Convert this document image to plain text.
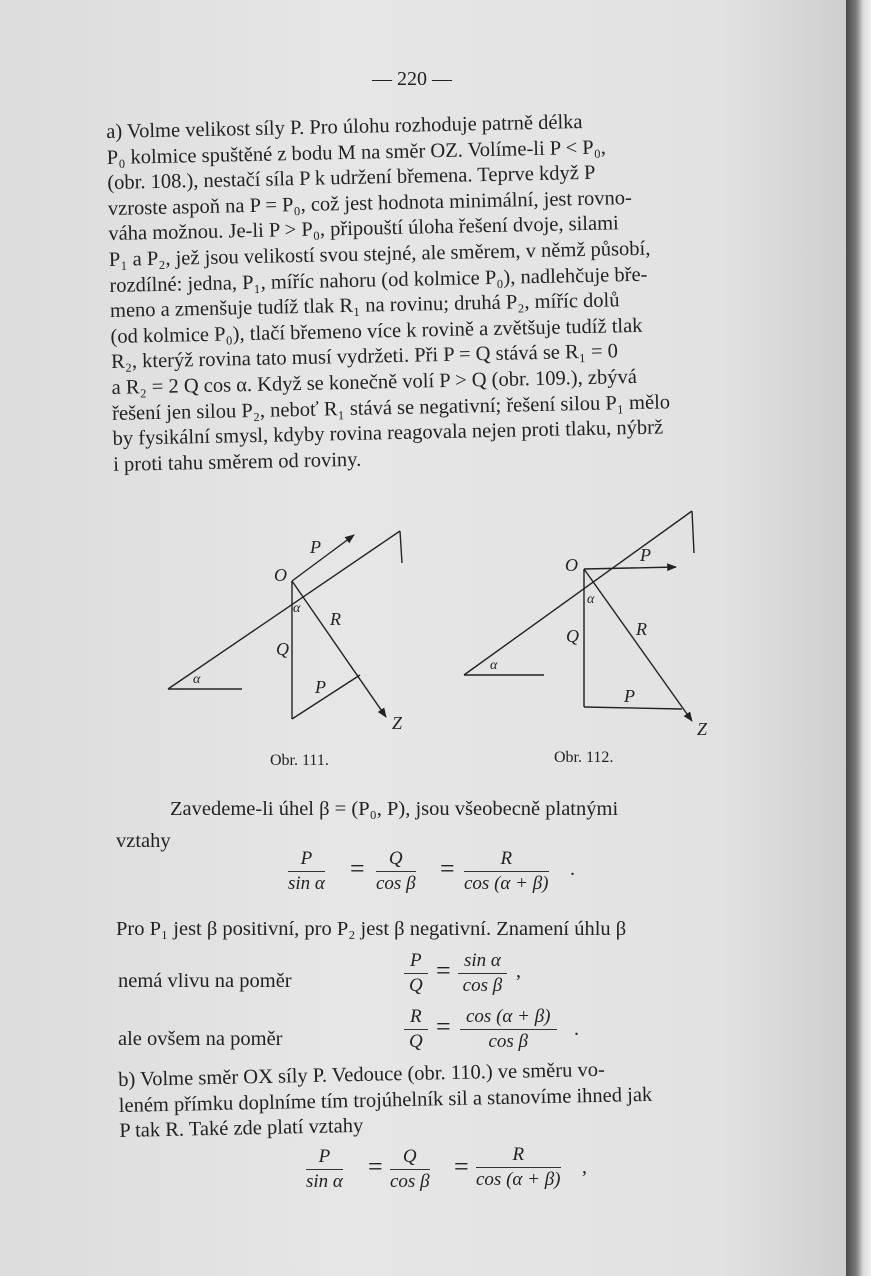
— 220 —

a) Volme velikost síly P. Pro úlohu rozhoduje patrně délka

P₀ kolmice spuštěné z bodu M na směr OZ. Volíme-li P < P₀,

(obr. 108.), nestačí síla P k udržení břemena. Teprve když P

vzroste aspoň na P = P₀, což jest hodnota minimální, jest rovno-

váha možnou. Je-li P > P₀, připouští úloha řešení dvoje, silami

P₁ a P₂, jež jsou velikostí svou stejné, ale směrem, v němž působí,

rozdílné: jedna, P₁, míříc nahoru (od kolmice P₀), nadlehčuje bře-

meno a zmenšuje tudíž tlak R₁ na rovinu; druhá P₂, míříc dolů

(od kolmice P₀), tlačí břemeno více k rovině a zvětšuje tudíž tlak

R₂, kterýž rovina tato musí vydržeti. Při P = Q stává se R₁ = 0

a R₂ = 2 Q cos α. Když se konečně volí P > Q (obr. 109.), zbývá

řešení jen silou P₂, neboť R₁ stává se negativní; řešení silou P₁ mělo

by fysikální smysl, kdyby rovina reagovala nejen proti tlaku, nýbrž

i proti tahu směrem od roviny.

O
P
α
R
Q
P
Z
α
Obr. 111.
O	P
α
R
Q
P
Z
α
Obr. 112.
Zavedeme-li úhel β = (P₀, P), jsou všeobecně platnými
vztahy
$\frac{P}{\text{sin α}} = \frac{Q}{\text{cos β}} = \frac{R}{\cos (\alpha + \beta)}$ .
Pro P₁ jest β positivní, pro P₂ jest β negativní. Znamení úhlu β
nemá vlivu na poměr	$\frac{P}{Q} = \frac{\text{sin α}}{\text{cos β}}$ ,
ale ovšem na poměr	$\frac{R}{Q} = \frac{\cos (\alpha + \beta)}{\text{cos β}}$ .

b) Volme směr OX síly P. Vedouce (obr. 110.) ve směru vo-

leném přímku doplníme tím trojúhelník sil a stanovíme ihned jak

P tak R. Také zde platí vztahy

$\frac{P}{\text{sin α}} = \frac{Q}{\text{cos β}} = \frac{R}{\cos (\alpha + \beta)}$ ,
